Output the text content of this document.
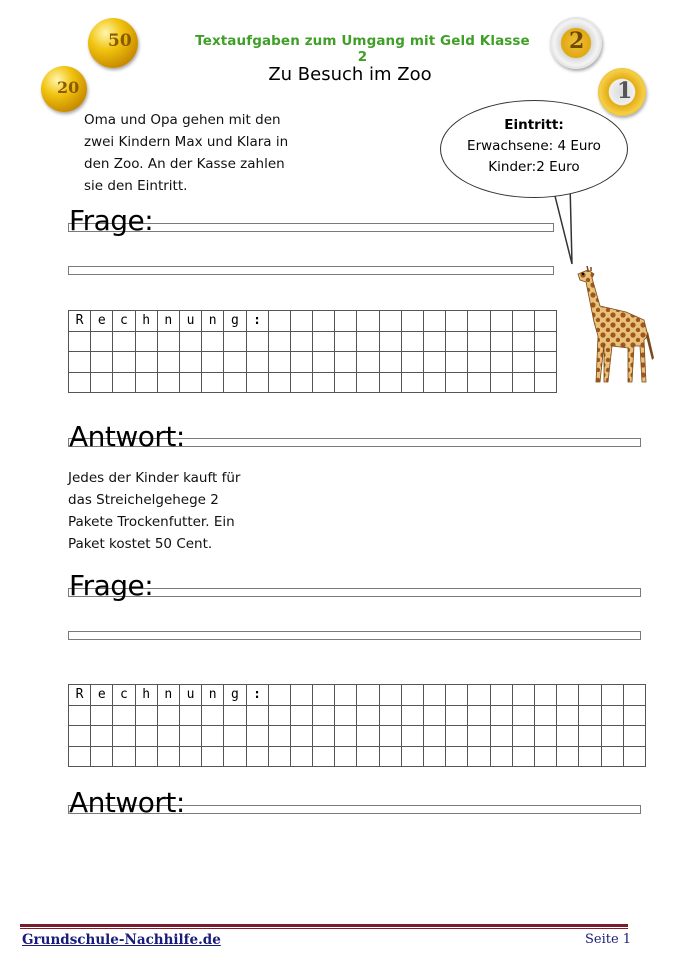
50
20
2
1
Textaufgaben zum Umgang mit Geld Klasse 2
Zu Besuch im Zoo
Oma und Opa gehen mit den
zwei Kindern Max und Klara in
den Zoo. An der Kasse zahlen
sie den Eintritt.
Eintritt:
Erwachsene: 4 Euro
Kinder:2 Euro
Frage:
R	e	c	h	n	u	n	g	:													

Antwort:
Jedes der Kinder kauft für
das Streichelgehege 2
Pakete Trockenfutter. Ein
Paket kostet 50 Cent.
Frage:
R	e	c	h	n	u	n	g	:																	

Antwort:
Grundschule-Nachhilfe.de	Seite 1
